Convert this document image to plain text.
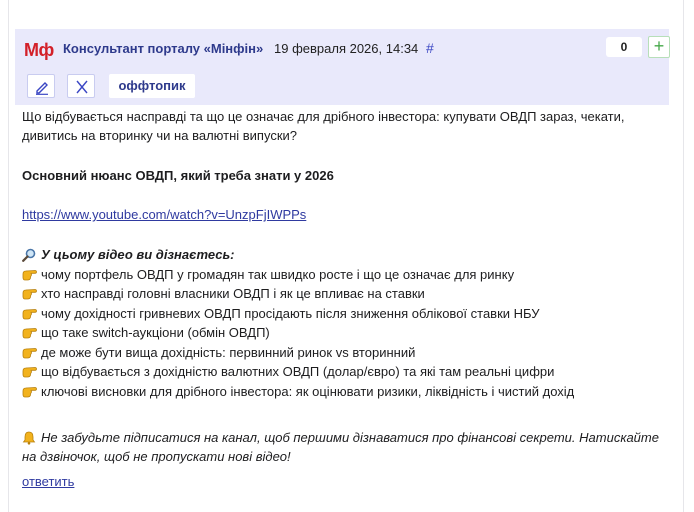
Мф Консультант порталу «Мінфін» 19 февраля 2026, 14:34 #	0	+
оффтопик
Що відбувається насправді та що це означає для дрібного інвестора: купувати ОВДП зараз, чекати,
дивитись на вторинку чи на валютні випуски?
Основний нюанс ОВДП, який треба знати у 2026
https://www.youtube.com/watch?v=UnzpFjIWPPs
У цьому відео ви дізнаєтесь:
чому портфель ОВДП у громадян так швидко росте і що це означає для ринку
хто насправді головні власники ОВДП і як це впливає на ставки
чому дохідності гривневих ОВДП просідають після зниження облікової ставки НБУ
що таке switch-аукціони (обмін ОВДП)
де може бути вища дохідність: первинний ринок vs вторинний
що відбувається з дохідністю валютних ОВДП (долар/євро) та які там реальні цифри
ключові висновки для дрібного інвестора: як оцінювати ризики, ліквідність і чистий дохід
Не забудьте підписатися на канал, щоб першими дізнаватися про фінансові секрети. Натискайте
на дзвіночок, щоб не пропускати нові відео!
ответить
